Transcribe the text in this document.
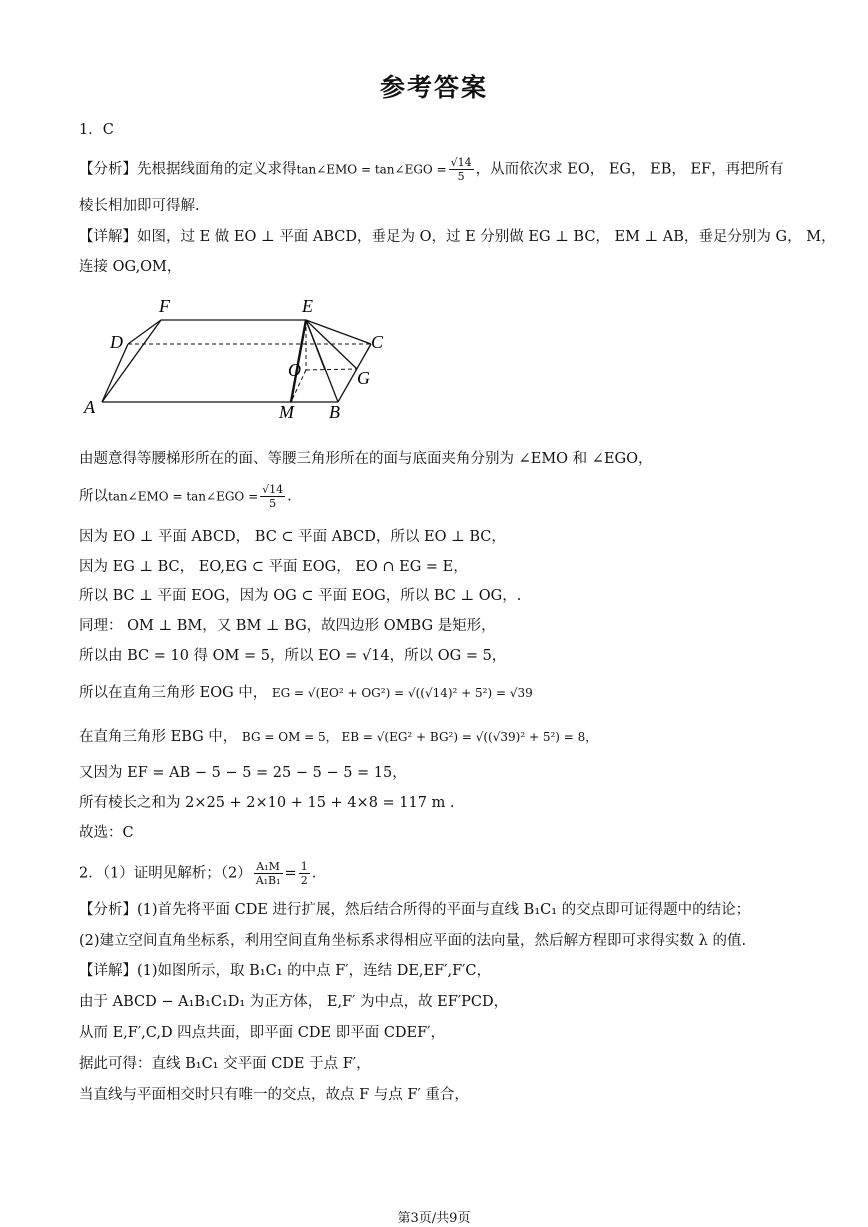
参考答案
1．C
【分析】先根据线面角的定义求得tan∠EMO = tan∠EGO = $\frac{√14}{5}$ ，从而依次求 EO， EG， EB， EF，再把所有
棱长相加即可得解.
【详解】如图，过 E 做 EO ⊥ 平面 ABCD，垂足为 O，过 E 分别做 EG ⊥ BC， EM ⊥ AB，垂足分别为 G， M，
连接 OG,OM，
A
D
F	E
C
O	G
M B
由题意得等腰梯形所在的面、等腰三角形所在的面与底面夹角分别为 ∠EMO 和 ∠EGO，
所以tan∠EMO = tan∠EGO = $\frac{√14}{5}$ .
因为 EO ⊥ 平面 ABCD， BC ⊂ 平面 ABCD，所以 EO ⊥ BC，
因为 EG ⊥ BC， EO,EG ⊂ 平面 EOG， EO ∩ EG = E，
所以 BC ⊥ 平面 EOG，因为 OG ⊂ 平面 EOG，所以 BC ⊥ OG，.
同理： OM ⊥ BM，又 BM ⊥ BG，故四边形 OMBG 是矩形，
所以由 BC = 10 得 OM = 5，所以 EO = √14，所以 OG = 5，
所以在直角三角形 EOG 中， EG = √(EO² + OG²) = √((√14)² + 5²) = √39
在直角三角形 EBG 中， BG = OM = 5， EB = √(EG² + BG²) = √((√39)² + 5²) = 8，
又因为 EF = AB − 5 − 5 = 25 − 5 − 5 = 15，
所有棱长之和为 2×25 + 2×10 + 15 + 4×8 = 117 m .
故选：C
2．（1）证明见解析；$(2) \frac{\text{A₁M}}{\text{A₁B₁}} = \frac{1}{2}$ .
【分析】(1)首先将平面 CDE 进行扩展，然后结合所得的平面与直线 B₁C₁ 的交点即可证得题中的结论；
(2)建立空间直角坐标系，利用空间直角坐标系求得相应平面的法向量，然后解方程即可求得实数 λ 的值.
【详解】(1)如图所示，取 B₁C₁ 的中点 F′，连结 DE,EF′,F′C，
由于 ABCD − A₁B₁C₁D₁ 为正方体， E,F′ 为中点，故 EF′PCD，
从而 E,F′,C,D 四点共面，即平面 CDE 即平面 CDEF′，
据此可得：直线 B₁C₁ 交平面 CDE 于点 F′，
当直线与平面相交时只有唯一的交点，故点 F 与点 F′ 重合，
第3页/共9页
